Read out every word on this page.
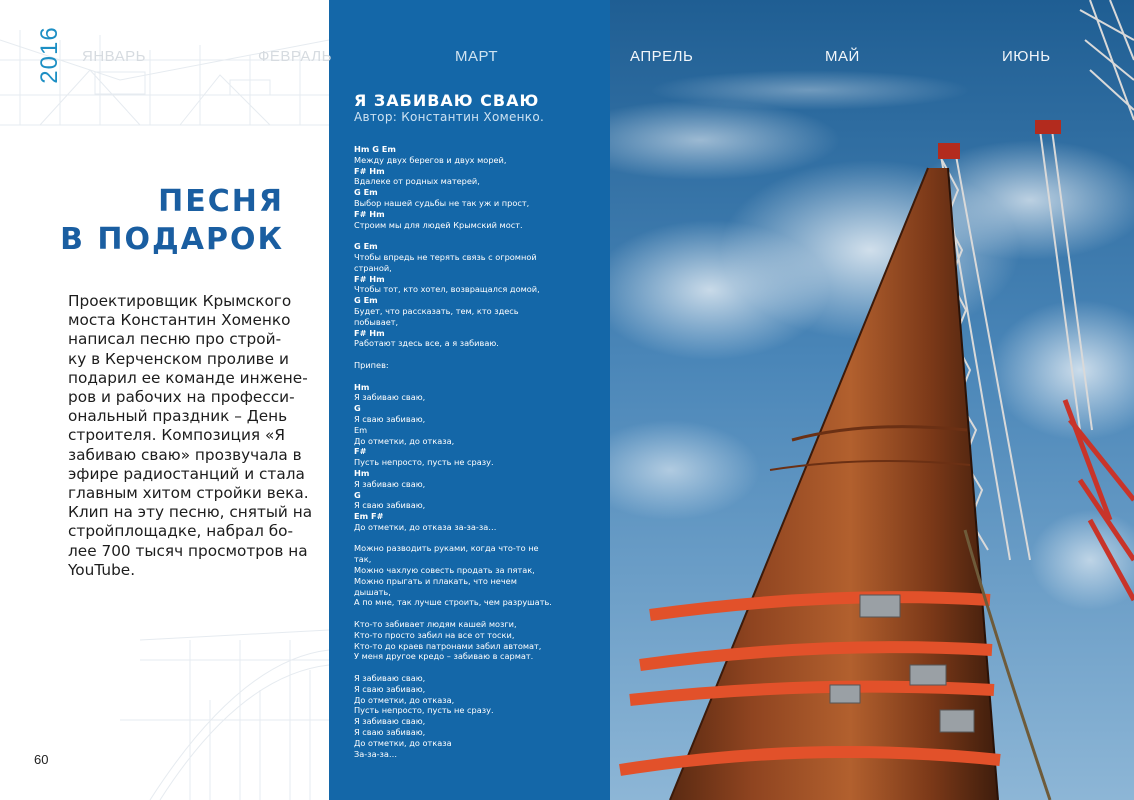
2016
ПЕСНЯ
В ПОДАРОК
Проектировщик Крымского
моста Константин Хоменко
написал песню про строй-
ку в Керченском проливе и
подарил ее команде инжене-
ров и рабочих на професси-
ональный праздник – День
строителя. Композиция «Я
забиваю сваю» прозвучала в
эфире радиостанций и стала
главным хитом стройки века.
Клип на эту песню, снятый на
стройплощадке, набрал бо-
лее 700 тысяч просмотров на
YouTube.
60
Я ЗАБИВАЮ СВАЮ
Автор: Константин Хоменко.
Hm G Em
Между двух берегов и двух морей,
F# Hm
Вдалеке от родных матерей,
G Em
Выбор нашей судьбы не так уж и прост,
F# Hm
Строим мы для людей Крымский мост.
G Em
Чтобы впредь не терять связь с огромной
страной,
F# Hm
Чтобы тот, кто хотел, возвращался домой,
G Em
Будет, что рассказать, тем, кто здесь
побывает,
F# Hm
Работают здесь все, а я забиваю.
Припев:
Hm
Я забиваю сваю,
G
Я сваю забиваю,
Em
До отметки, до отказа,
F#
Пусть непросто, пусть не сразу.
Hm
Я забиваю сваю,
G
Я сваю забиваю,
Em F#
До отметки, до отказа за-за-за…
Можно разводить руками, когда что-то не
так,
Можно чахлую совесть продать за пятак,
Можно прыгать и плакать, что нечем
дышать,
А по мне, так лучше строить, чем разрушать.
Кто-то забивает людям кашей мозги,
Кто-то просто забил на все от тоски,
Кто-то до краев патронами забил автомат,
У меня другое кредо – забиваю в сармат.
Я забиваю сваю,
Я сваю забиваю,
До отметки, до отказа,
Пусть непросто, пусть не сразу.
Я забиваю сваю,
Я сваю забиваю,
До отметки, до отказа
За-за-за…
ЯНВАРЬ	ФЕВРАЛЬ	МАРТ	АПРЕЛЬ	МАЙ	ИЮНЬ
